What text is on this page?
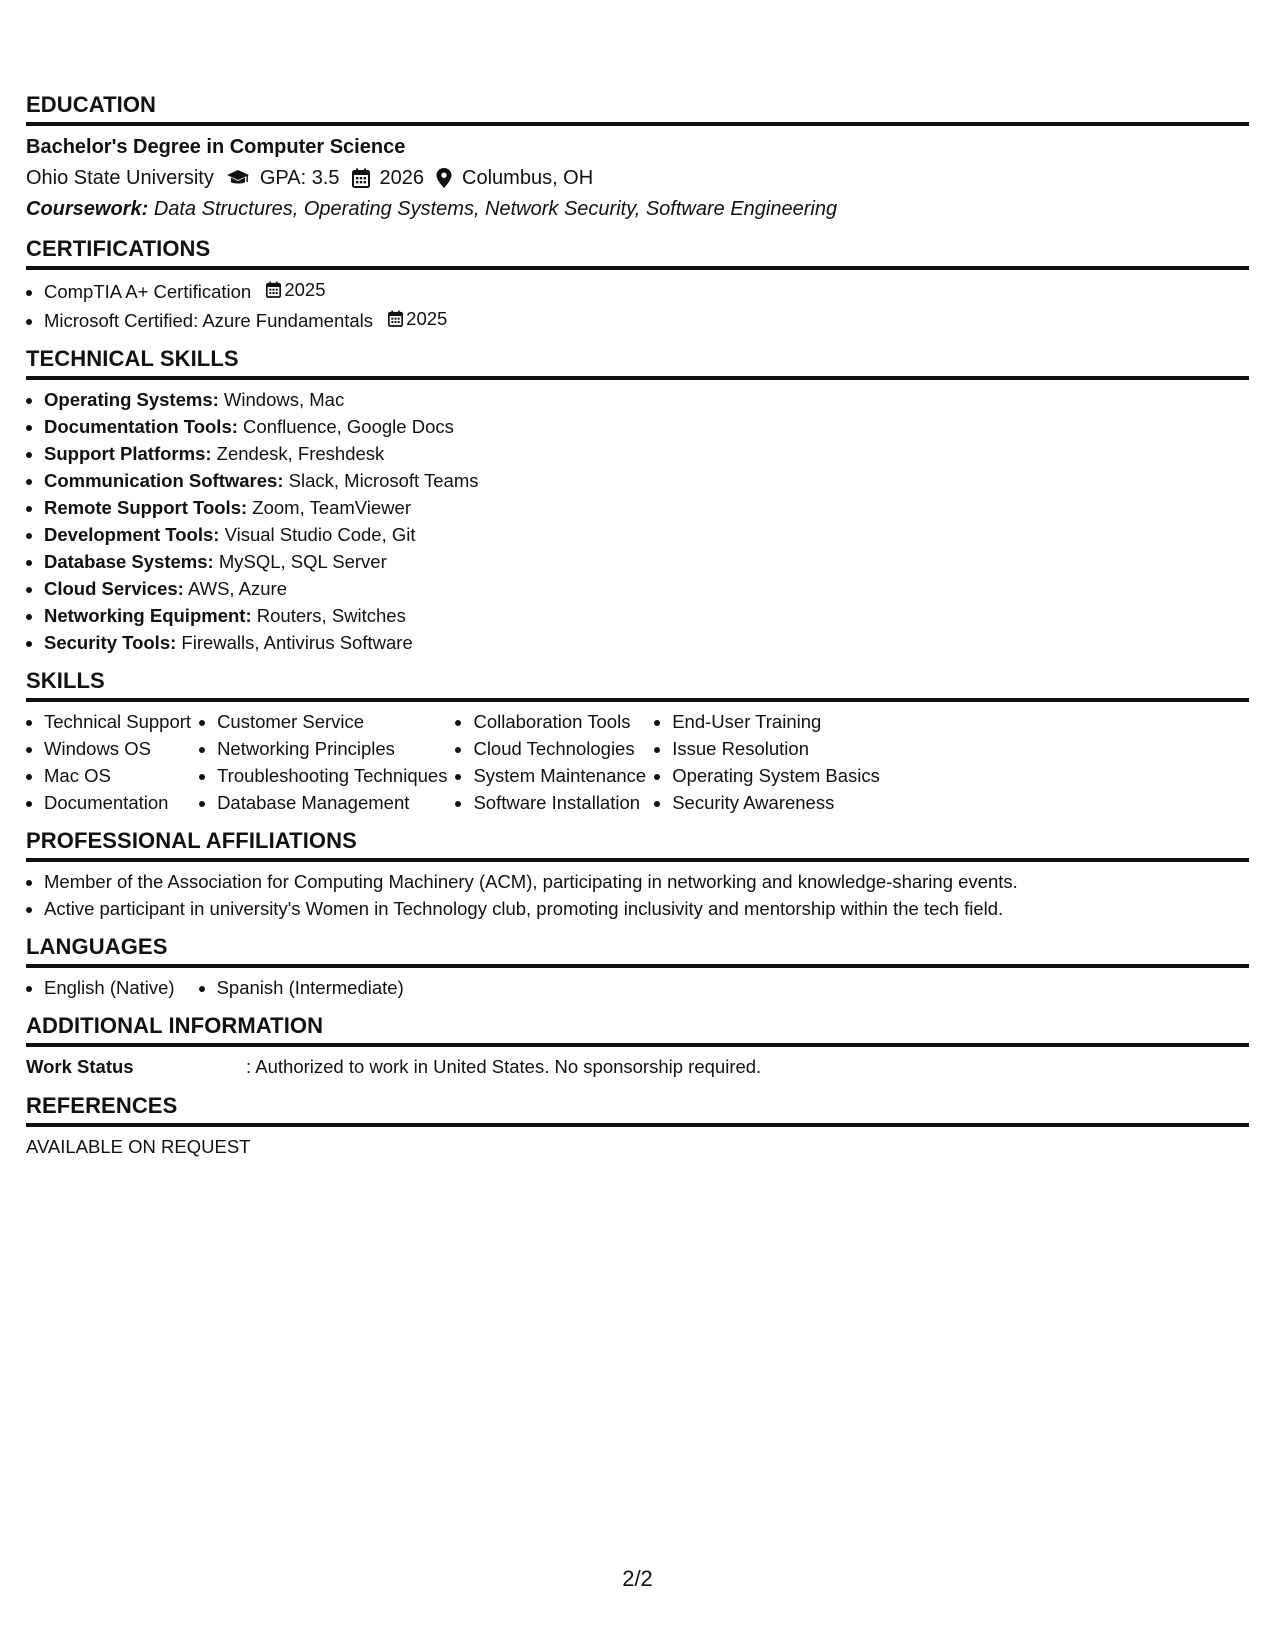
EDUCATION
Bachelor's Degree in Computer Science
Ohio State University GPA: 3.5 2026 Columbus, OH
Coursework: Data Structures, Operating Systems, Network Security, Software Engineering
CERTIFICATIONS
• CompTIA A+ Certification 2025
• Microsoft Certified: Azure Fundamentals 2025
TECHNICAL SKILLS
• Operating Systems: Windows, Mac
• Documentation Tools: Confluence, Google Docs
• Support Platforms: Zendesk, Freshdesk
• Communication Softwares: Slack, Microsoft Teams
• Remote Support Tools: Zoom, TeamViewer
• Development Tools: Visual Studio Code, Git
• Database Systems: MySQL, SQL Server
• Cloud Services: AWS, Azure
• Networking Equipment: Routers, Switches
• Security Tools: Firewalls, Antivirus Software
SKILLS
• Technical Support
• Windows OS
• Mac OS
• Documentation
• Customer Service
• Networking Principles
• Troubleshooting Techniques
• Database Management
• Collaboration Tools
• Cloud Technologies
• System Maintenance
• Software Installation
• End-User Training
• Issue Resolution
• Operating System Basics
• Security Awareness
PROFESSIONAL AFFILIATIONS
• Member of the Association for Computing Machinery (ACM), participating in networking and knowledge-sharing events.
• Active participant in university's Women in Technology club, promoting inclusivity and mentorship within the tech field.
LANGUAGES
• English (Native)
• Spanish (Intermediate)
ADDITIONAL INFORMATION
Work Status	: Authorized to work in United States. No sponsorship required.
REFERENCES
AVAILABLE ON REQUEST
2/2
